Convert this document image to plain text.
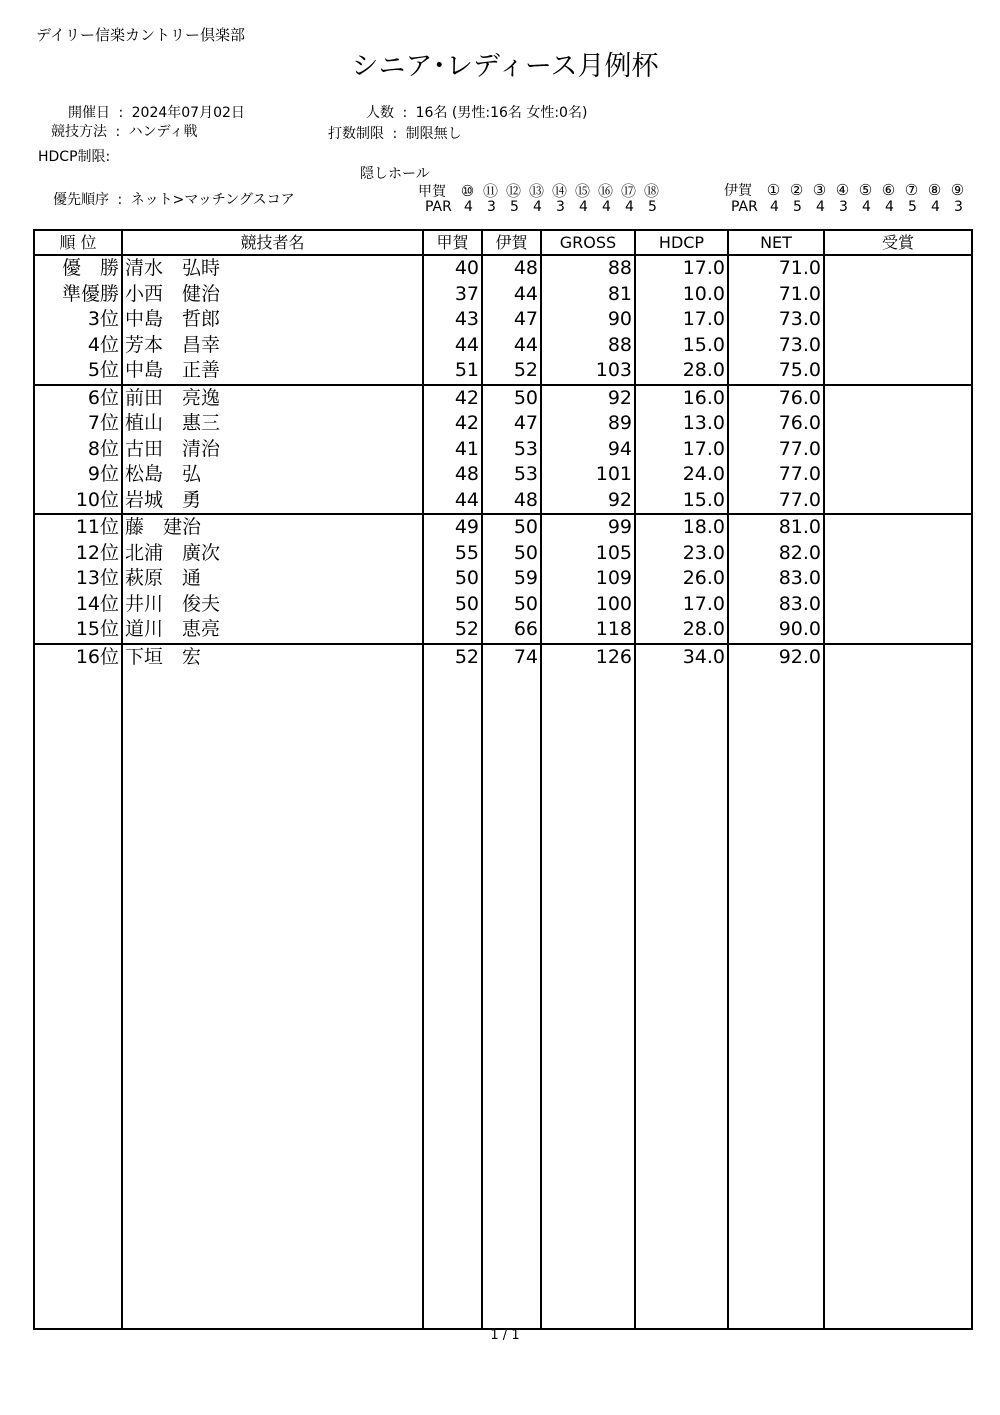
デイリー信楽カントリー倶楽部
シニア･レディース月例杯
開催日 : 2024年07月02日
競技方法 : ハンディ戦
HDCP制限:
優先順序 : ネット>マッチングスコア
人数 : 16名 (男性:16名 女性:0名)
打数制限 : 制限無し
隠しホール
甲賀 ⑩ ⑪ ⑫ ⑬ ⑭ ⑮ ⑯ ⑰ ⑱
PAR 4 3 5 4 3 4 4 4 5
伊賀 ① ② ③ ④ ⑤ ⑥ ⑦ ⑧ ⑨
PAR 4 5 4 3 4 4 5 4 3
順 位	競技者名	甲賀	伊賀	GROSS	HDCP	NET	受賞
優　勝	清水　弘時	40	48	88	17.0	71.0	
準優勝	小西　健治	37	44	81	10.0	71.0	
3位	中島　哲郎	43	47	90	17.0	73.0	
4位	芳本　昌幸	44	44	88	15.0	73.0	
5位	中島　正善	51	52	103	28.0	75.0	
6位	前田　亮逸	42	50	92	16.0	76.0	
7位	植山　惠三	42	47	89	13.0	76.0	
8位	古田　清治	41	53	94	17.0	77.0	
9位	松島　弘	48	53	101	24.0	77.0	
10位	岩城　勇	44	48	92	15.0	77.0	
11位	藤　建治	49	50	99	18.0	81.0	
12位	北浦　廣次	55	50	105	23.0	82.0	
13位	萩原　通	50	59	109	26.0	83.0	
14位	井川　俊夫	50	50	100	17.0	83.0	
15位	道川　恵亮	52	66	118	28.0	90.0	
16位	下垣　宏	52	74	126	34.0	92.0	

1 / 1
